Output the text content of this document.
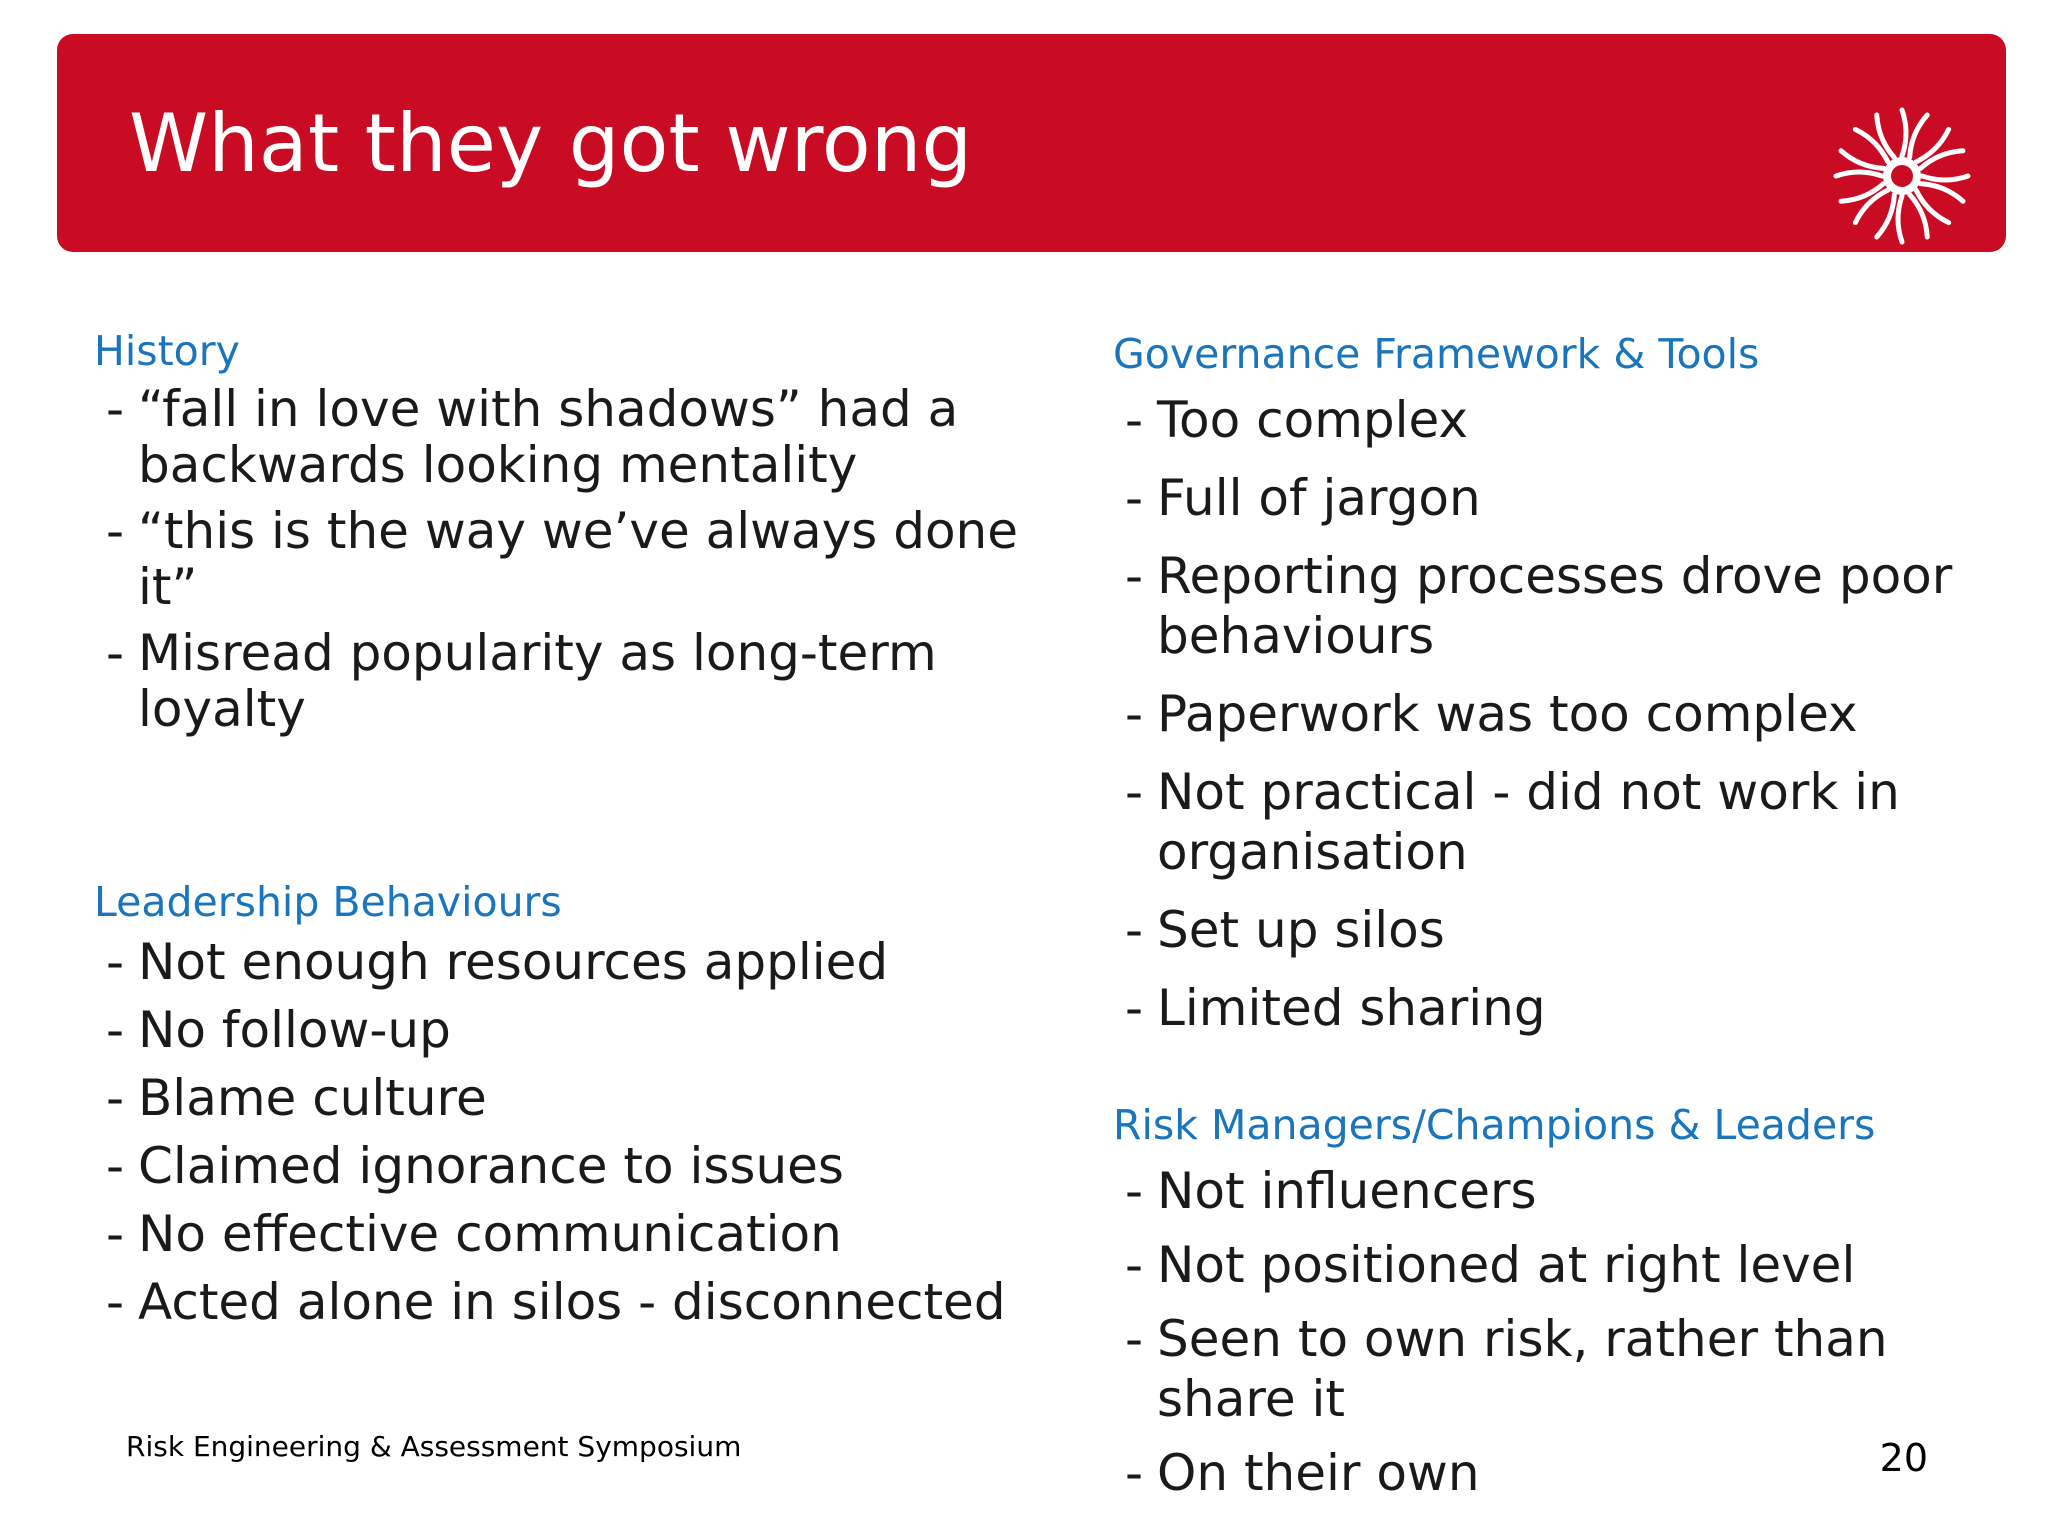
What they got wrong
History
- “fall in love with shadows” had a backwards looking mentality
- “this is the way we’ve always done it”
- Misread popularity as long-term loyalty
Leadership Behaviours
- Not enough resources applied
- No follow-up
- Blame culture
- Claimed ignorance to issues
- No effective communication
- Acted alone in silos - disconnected
Governance Framework & Tools
- Too complex
- Full of jargon
- Reporting processes drove poor behaviours
- Paperwork was too complex
- Not practical - did not work in organisation
- Set up silos
- Limited sharing
Risk Managers/Champions & Leaders
- Not influencers
- Not positioned at right level
- Seen to own risk, rather than share it
- On their own
Risk Engineering & Assessment Symposium	20
